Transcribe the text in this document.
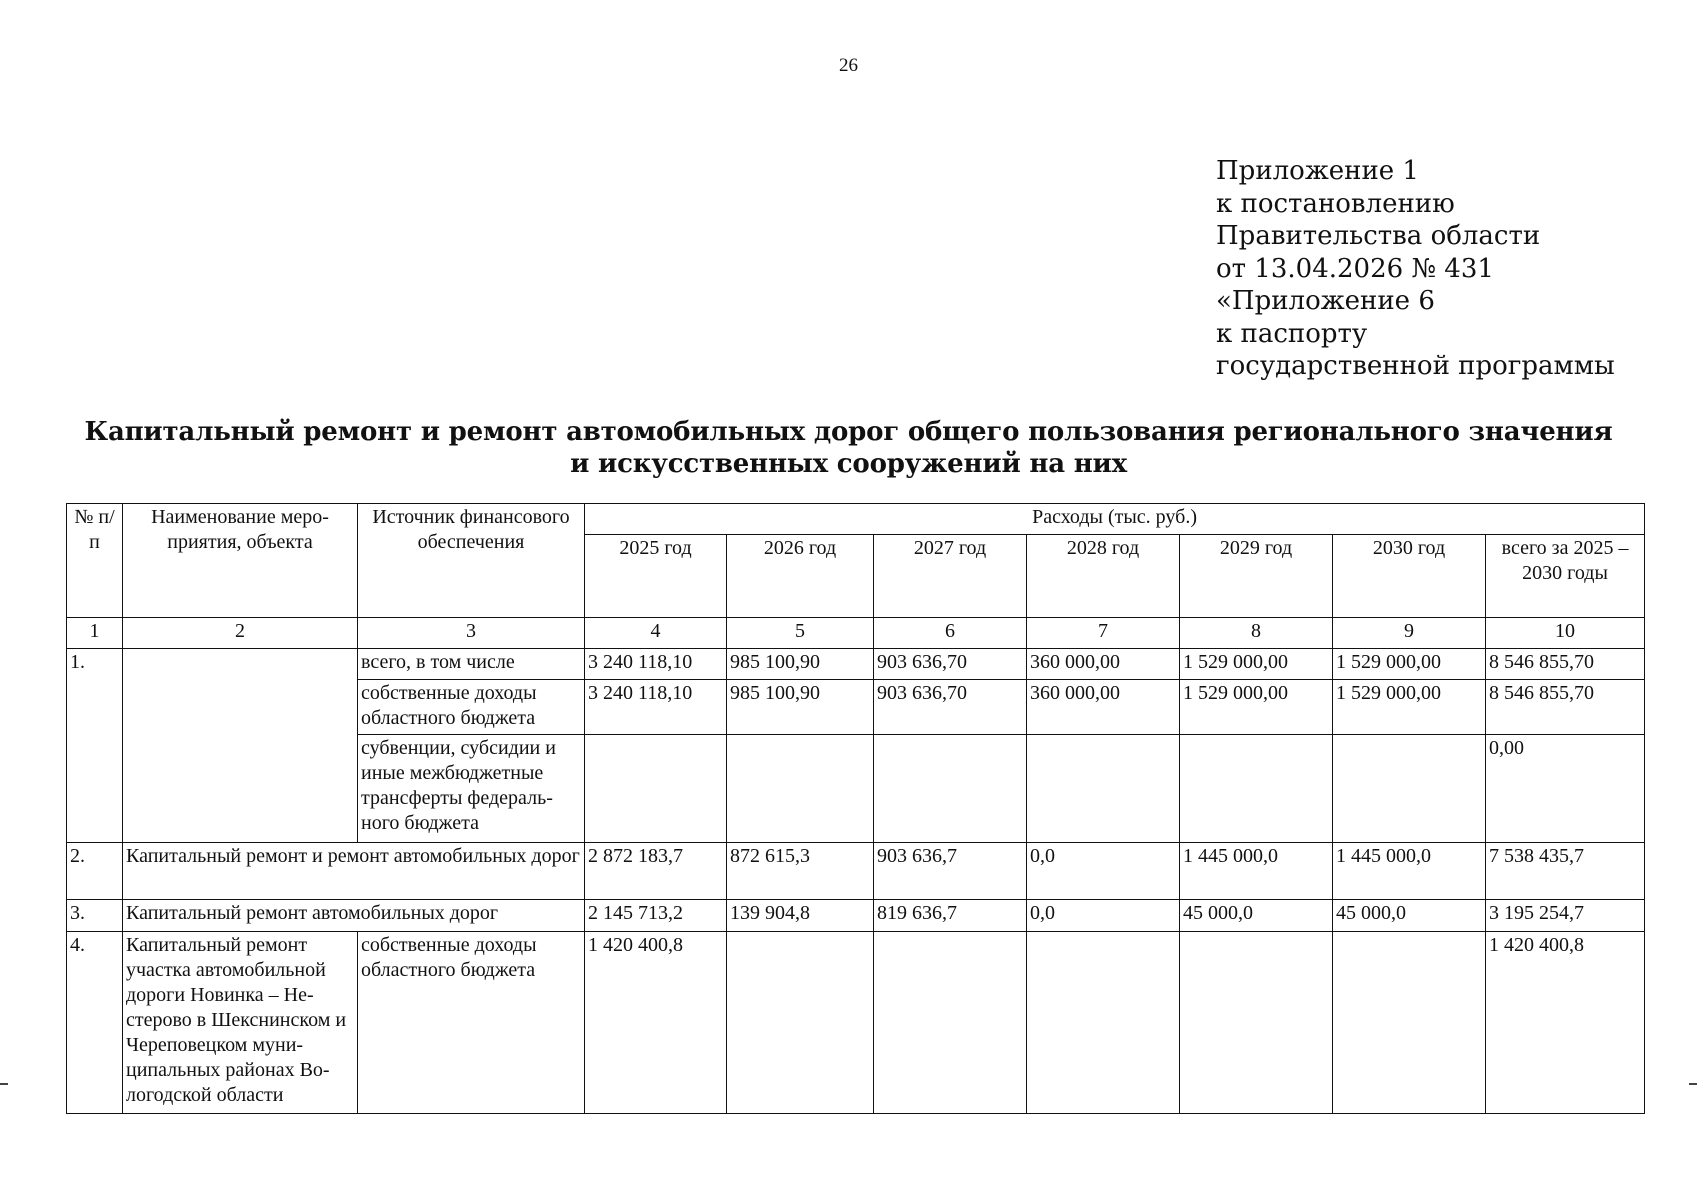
26
Приложение 1
к постановлению
Правительства области
от 13.04.2026 № 431
«Приложение 6
к паспорту
государственной программы
Капитальный ремонт и ремонт автомобильных дорог общего пользования регионального значения
и искусственных сооружений на них
№ п/п	Наименование меро-приятия, объекта	Источник финансового обеспечения	Расходы (тыс. руб.)						
			2025 год	2026 год	2027 год	2028 год	2029 год	2030 год	всего за 2025 – 2030 годы
1	2	3	4	5	6	7	8	9	10
1.		всего, в том числе	3 240 118,10	985 100,90	903 636,70	360 000,00	1 529 000,00	1 529 000,00	8 546 855,70
		собственные доходы областного бюджета	3 240 118,10	985 100,90	903 636,70	360 000,00	1 529 000,00	1 529 000,00	8 546 855,70
		субвенции, субсидии и иные межбюджетные трансферты федераль-ного бюджета							0,00
2.	Капитальный ремонт и ремонт автомобильных дорог		2 872 183,7	872 615,3	903 636,7	0,0	1 445 000,0	1 445 000,0	7 538 435,7
3.	Капитальный ремонт автомобильных дорог		2 145 713,2	139 904,8	819 636,7	0,0	45 000,0	45 000,0	3 195 254,7
4.	Капитальный ремонт участка автомобильной дороги Новинка – Не-стерово в Шекснинском и Череповецком муни-ципальных районах Во-логодской области	собственные доходы областного бюджета	1 420 400,8						1 420 400,8
